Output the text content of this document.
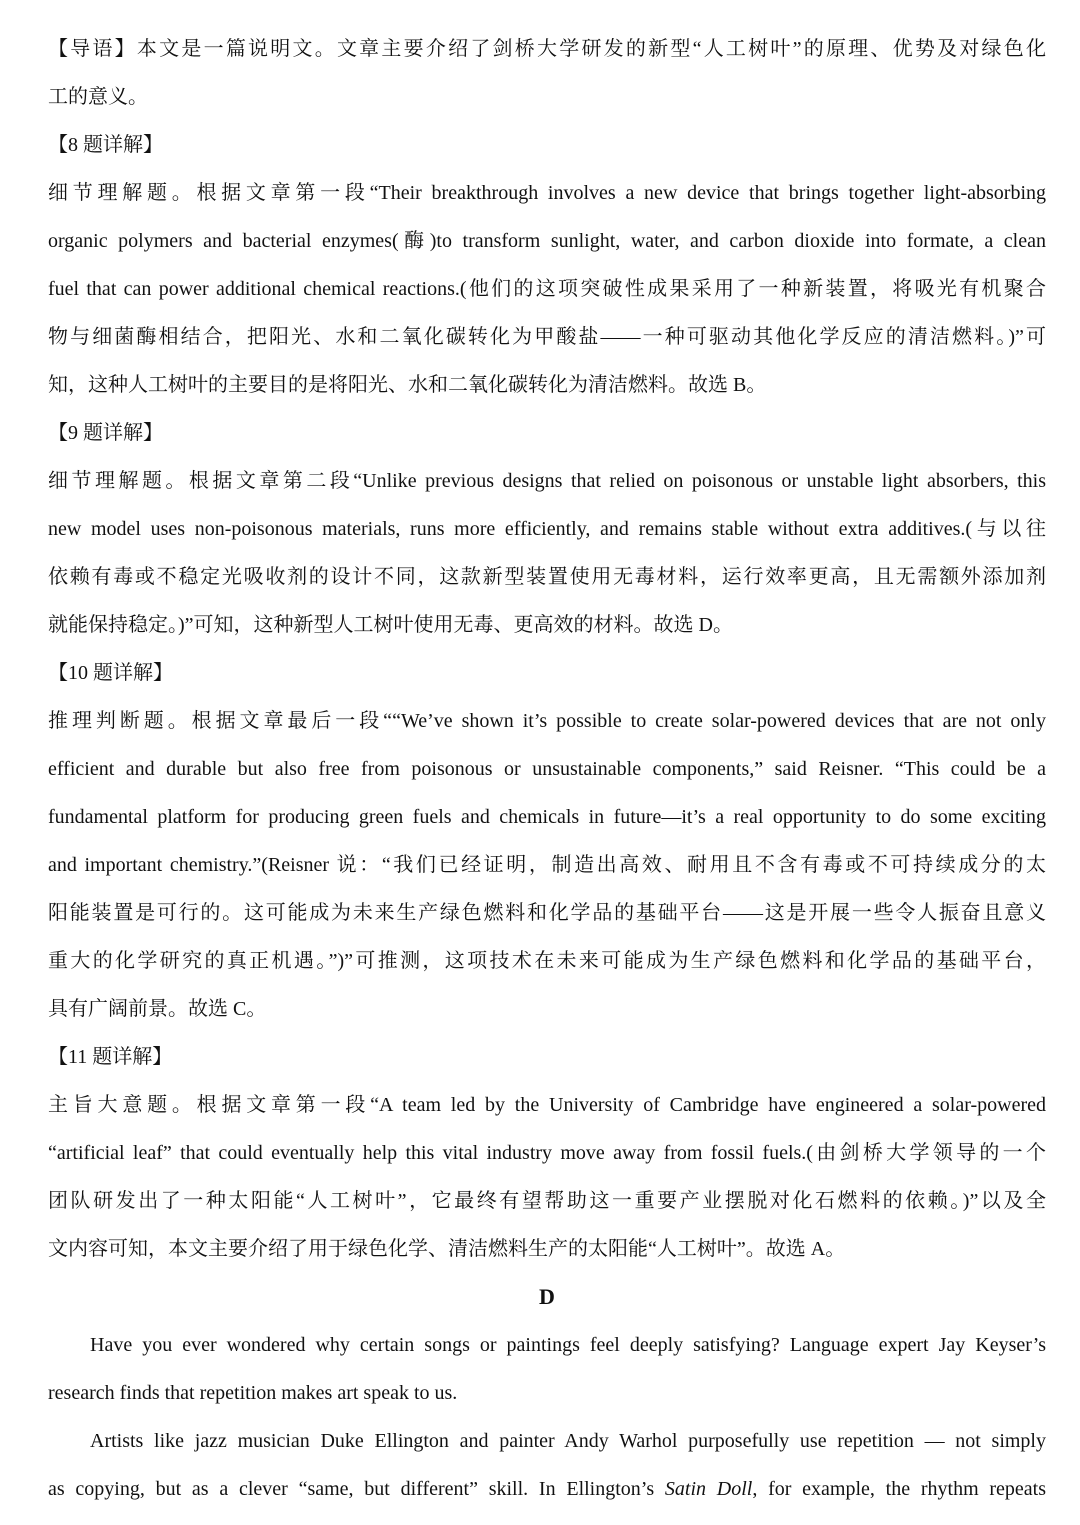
【导语】本文是一篇说明文。文章主要介绍了剑桥大学研发的新型“人工树叶”的原理、优势及对绿色化
工的意义。
【8 题详解】
细节理解题。根据文章第一段“Their breakthrough involves a new device that brings together light-absorbing
organic polymers and bacterial enzymes(酶)to transform sunlight, water, and carbon dioxide into formate, a clean
fuel that can power additional chemical reactions.(他们的这项突破性成果采用了一种新装置，将吸光有机聚合
物与细菌酶相结合，把阳光、水和二氧化碳转化为甲酸盐——一种可驱动其他化学反应的清洁燃料。)”可
知，这种人工树叶的主要目的是将阳光、水和二氧化碳转化为清洁燃料。故选 B。
【9 题详解】
细节理解题。根据文章第二段“Unlike previous designs that relied on poisonous or unstable light absorbers, this
new model uses non-poisonous materials, runs more efficiently, and remains stable without extra additives.(与以往
依赖有毒或不稳定光吸收剂的设计不同，这款新型装置使用无毒材料，运行效率更高，且无需额外添加剂
就能保持稳定。)”可知，这种新型人工树叶使用无毒、更高效的材料。故选 D。
【10 题详解】
推理判断题。根据文章最后一段““We’ve shown it’s possible to create solar-powered devices that are not only
efficient and durable but also free from poisonous or unsustainable components,” said Reisner. “This could be a
fundamental platform for producing green fuels and chemicals in future—it’s a real opportunity to do some exciting
and important chemistry.”(Reisner 说：“我们已经证明，制造出高效、耐用且不含有毒或不可持续成分的太
阳能装置是可行的。这可能成为未来生产绿色燃料和化学品的基础平台——这是开展一些令人振奋且意义
重大的化学研究的真正机遇。”)”可推测，这项技术在未来可能成为生产绿色燃料和化学品的基础平台，
具有广阔前景。故选 C。
【11 题详解】
主旨大意题。根据文章第一段“A team led by the University of Cambridge have engineered a solar-powered
“artificial leaf” that could eventually help this vital industry move away from fossil fuels.(由剑桥大学领导的一个
团队研发出了一种太阳能“人工树叶”，它最终有望帮助这一重要产业摆脱对化石燃料的依赖。)”以及全
文内容可知，本文主要介绍了用于绿色化学、清洁燃料生产的太阳能“人工树叶”。故选 A。
D
Have you ever wondered why certain songs or paintings feel deeply satisfying? Language expert Jay Keyser’s
research finds that repetition makes art speak to us.
Artists like jazz musician Duke Ellington and painter Andy Warhol purposefully use repetition — not simply
as copying, but as a clever “same, but different” skill. In Ellington’s Satin Doll, for example, the rhythm repeats
